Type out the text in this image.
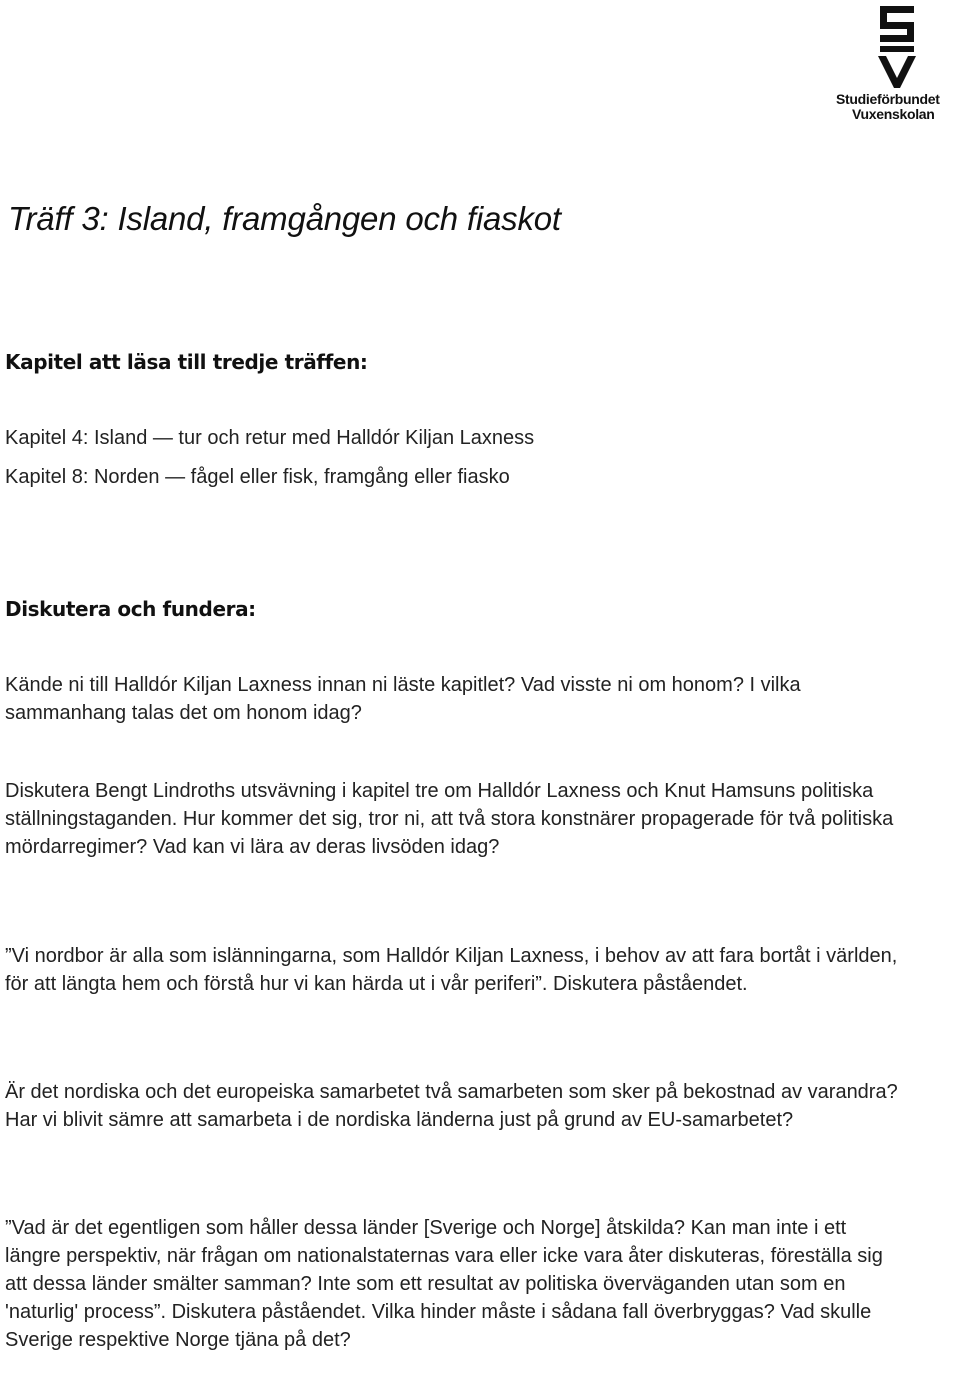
Studieförbundet
Vuxenskolan
Träff 3: Island, framgången och fiaskot
Kapitel att läsa till tredje träffen:

Kapitel 4: Island — tur och retur med Halldór Kiljan Laxness

Kapitel 8: Norden — fågel eller fisk, framgång eller fiasko

Diskutera och fundera:

Kände ni till Halldór Kiljan Laxness innan ni läste kapitlet? Vad visste ni om honom? I vilka sammanhang talas det om honom idag?

Diskutera Bengt Lindroths utsvävning i kapitel tre om Halldór Laxness och Knut Hamsuns politiska ställningstaganden. Hur kommer det sig, tror ni, att två stora konstnärer propagerade för två politiska mördarregimer? Vad kan vi lära av deras livsöden idag?

”Vi nordbor är alla som islänningarna, som Halldór Kiljan Laxness, i behov av att fara bortåt i världen, för att längta hem och förstå hur vi kan härda ut i vår periferi”. Diskutera påståendet.

Är det nordiska och det europeiska samarbetet två samarbeten som sker på bekostnad av varandra? Har vi blivit sämre att samarbeta i de nordiska länderna just på grund av EU-samarbetet?

”Vad är det egentligen som håller dessa länder [Sverige och Norge] åtskilda? Kan man inte i ett längre perspektiv, när frågan om nationalstaternas vara eller icke vara åter diskuteras, föreställa sig att dessa länder smälter samman? Inte som ett resultat av politiska överväganden utan som en 'naturlig' process”. Diskutera påståendet. Vilka hinder måste i sådana fall överbryggas? Vad skulle Sverige respektive Norge tjäna på det?
